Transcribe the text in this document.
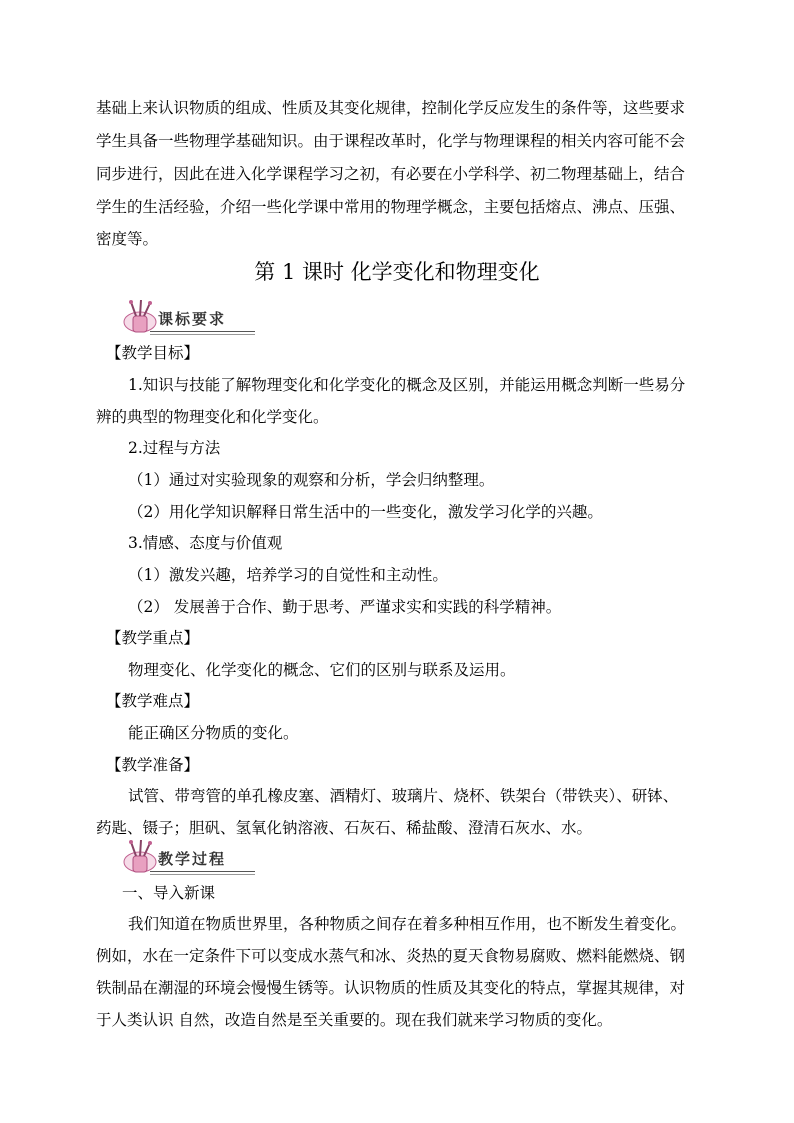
基础上来认识物质的组成、性质及其变化规律，控制化学反应发生的条件等，这些要求
学生具备一些物理学基础知识。由于课程改革时，化学与物理课程的相关内容可能不会
同步进行，因此在进入化学课程学习之初，有必要在小学科学、初二物理基础上，结合
学生的生活经验，介绍一些化学课中常用的物理学概念，主要包括熔点、沸点、压强、
密度等。
第 1 课时 化学变化和物理变化
课标要求
【教学目标】
1.知识与技能了解物理变化和化学变化的概念及区别，并能运用概念判断一些易分
辨的典型的物理变化和化学变化。
2.过程与方法
（1）通过对实验现象的观察和分析，学会归纳整理。
（2）用化学知识解释日常生活中的一些变化，激发学习化学的兴趣。
3.情感、态度与价值观
（1）激发兴趣，培养学习的自觉性和主动性。
（2） 发展善于合作、勤于思考、严谨求实和实践的科学精神。
【教学重点】
物理变化、化学变化的概念、它们的区别与联系及运用。
【教学难点】
能正确区分物质的变化。
【教学准备】
试管、带弯管的单孔橡皮塞、酒精灯、玻璃片、烧杯、铁架台（带铁夹）、研钵、
药匙、镊子；胆矾、氢氧化钠溶液、石灰石、稀盐酸、澄清石灰水、水。
教学过程
一、导入新课
我们知道在物质世界里，各种物质之间存在着多种相互作用，也不断发生着变化。
例如，水在一定条件下可以变成水蒸气和冰、炎热的夏天食物易腐败、燃料能燃烧、钢
铁制品在潮湿的环境会慢慢生锈等。认识物质的性质及其变化的特点，掌握其规律，对
于人类认识 自然，改造自然是至关重要的。现在我们就来学习物质的变化。
